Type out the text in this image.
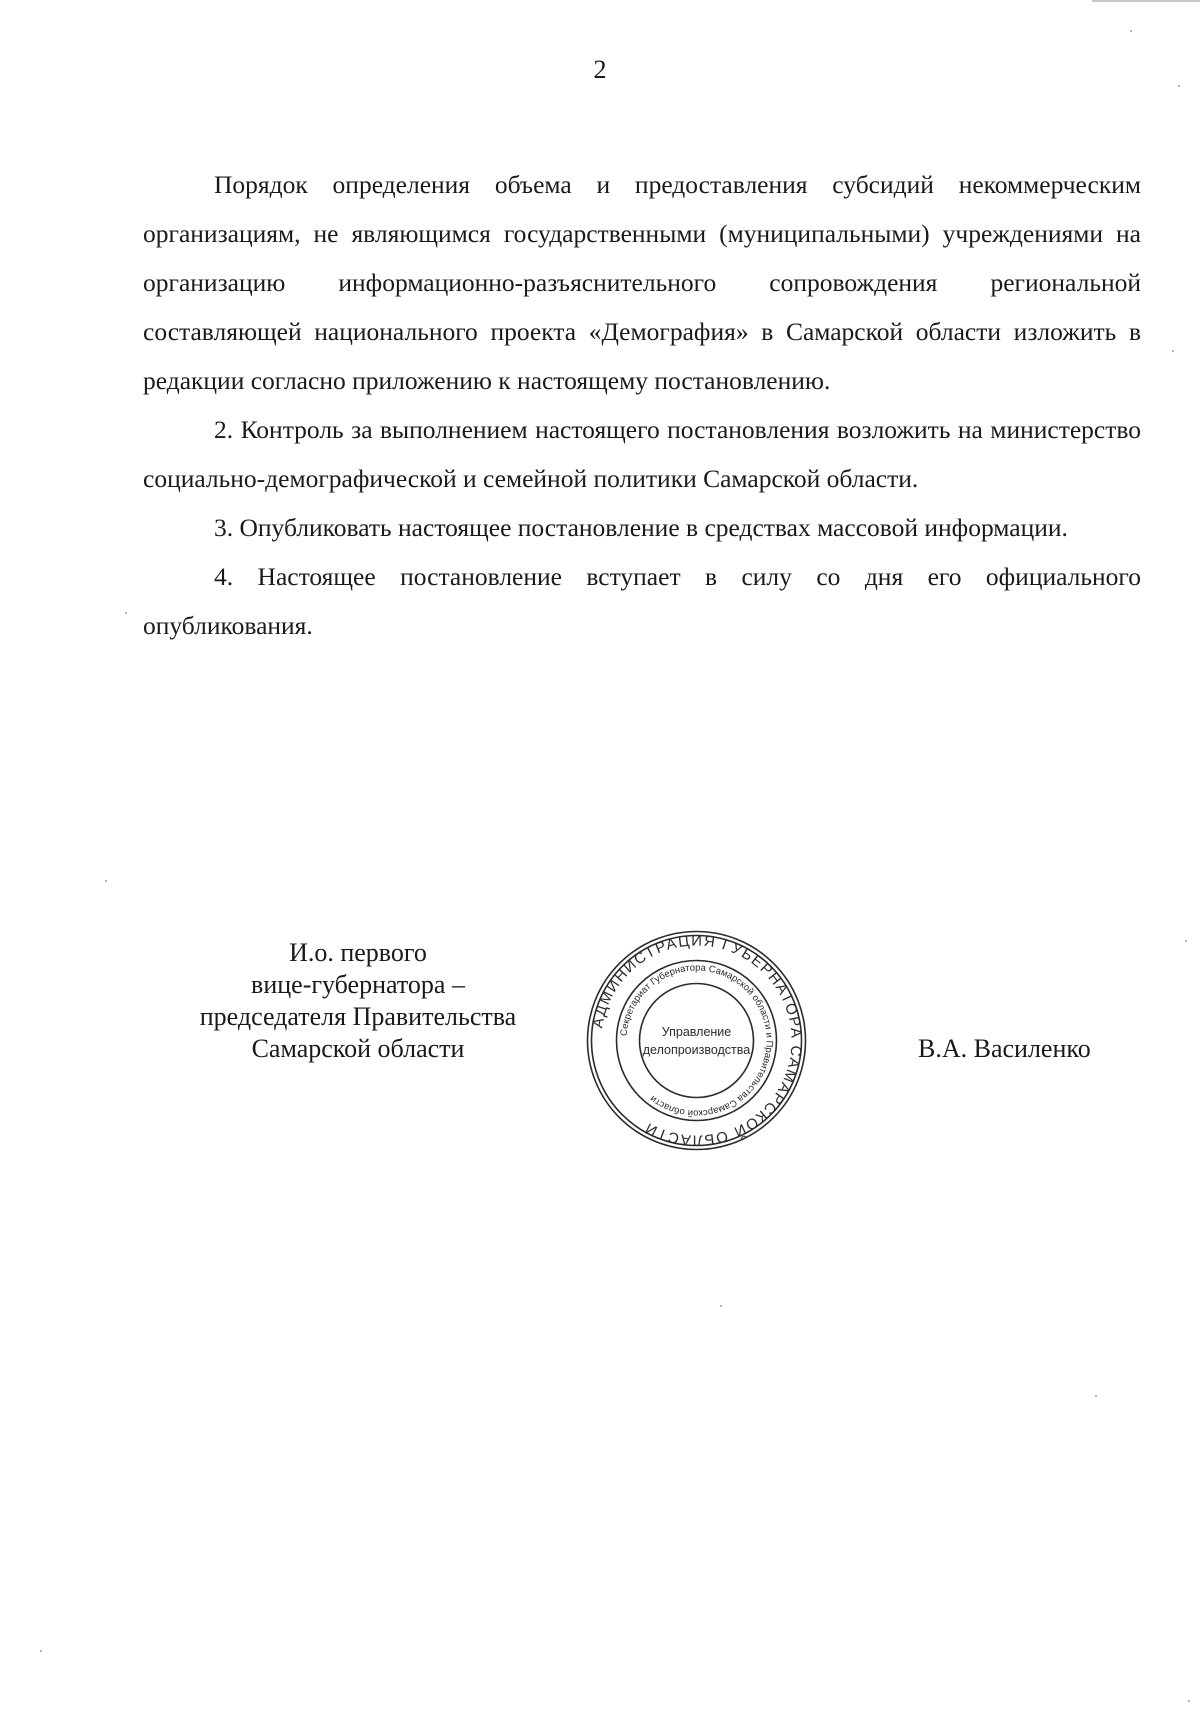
2

Порядок определения объема и предоставления субсидий некоммерческим организациям, не являющимся государственными (муниципальными) учреждениями на организацию информационно-разъяснительного сопровождения региональной составляющей национального проекта «Демография» в Самарской области изложить в редакции согласно приложению к настоящему постановлению.

2. Контроль за выполнением настоящего постановления возложить на министерство социально-демографической и семейной политики Самарской области.

3. Опубликовать настоящее постановление в средствах массовой информации.

4. Настоящее постановление вступает в силу со дня его официального опубликования.

И.о. первого
вице-губернатора –
председателя Правительства
Самарской области
АДМИНИСТРАЦИЯ ГУБЕРНАТОРА САМАРСКОЙ ОБЛАСТИ
Секретариат Губернатора Самарской области и Правительства Самарской области
Управление
делопроизводства	В.А. Василенко
